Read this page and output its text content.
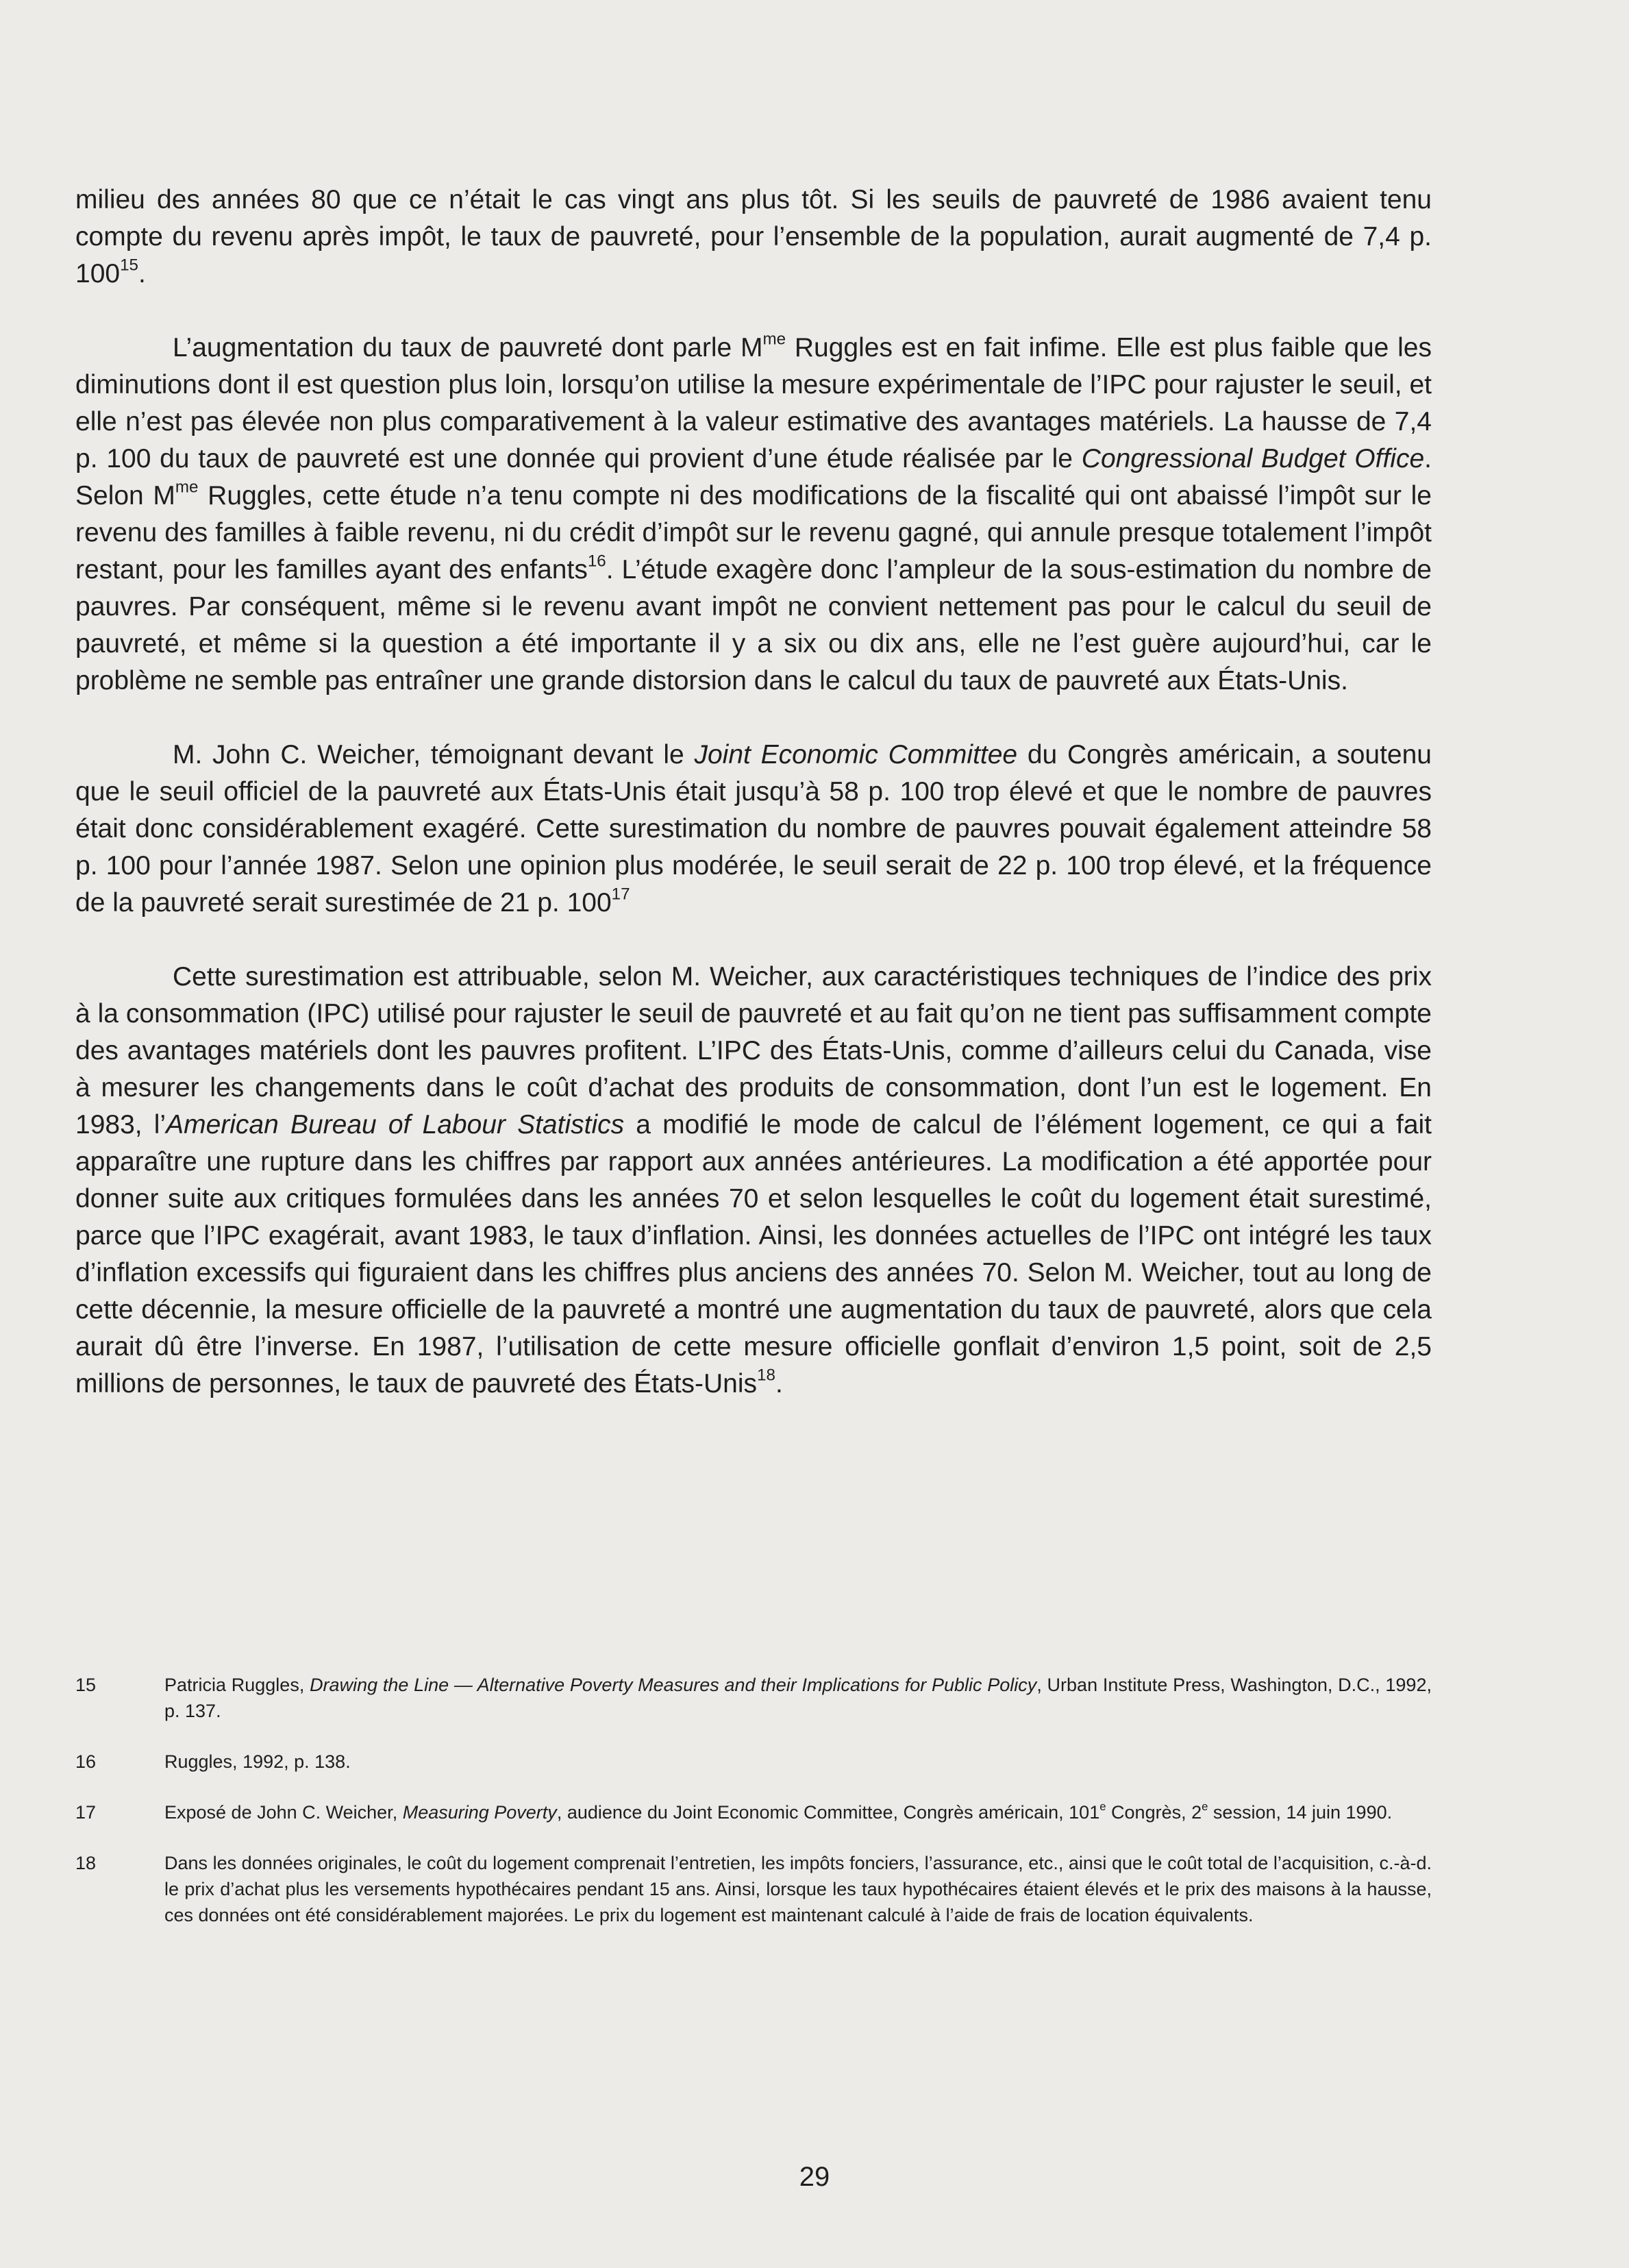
milieu des années 80 que ce n’était le cas vingt ans plus tôt. Si les seuils de pauvreté de 1986 avaient tenu compte du revenu après impôt, le taux de pauvreté, pour l’ensemble de la population, aurait augmenté de 7,4 p. $100^{15}$.

L’augmentation du taux de pauvreté dont parle $M^{me}$ Ruggles est en fait infime. Elle est plus faible que les diminutions dont il est question plus loin, lorsqu’on utilise la mesure expérimentale de l’IPC pour rajuster le seuil, et elle n’est pas élevée non plus comparativement à la valeur estimative des avantages matériels. La hausse de 7,4 p. 100 du taux de pauvreté est une donnée qui provient d’une étude réalisée par le Congressional Budget Office. Selon $M^{me}$ Ruggles, cette étude n’a tenu compte ni des modifications de la fiscalité qui ont abaissé l’impôt sur le revenu des familles à faible revenu, ni du crédit d’impôt sur le revenu gagné, qui annule presque totalement l’impôt restant, pour les familles ayant des enfants$^{16}$. L’étude exagère donc l’ampleur de la sous-estimation du nombre de pauvres. Par conséquent, même si le revenu avant impôt ne convient nettement pas pour le calcul du seuil de pauvreté, et même si la question a été importante il y a six ou dix ans, elle ne l’est guère aujourd’hui, car le problème ne semble pas entraîner une grande distorsion dans le calcul du taux de pauvreté aux États-Unis.

M. John C. Weicher, témoignant devant le Joint Economic Committee du Congrès américain, a soutenu que le seuil officiel de la pauvreté aux États-Unis était jusqu’à 58 p. 100 trop élevé et que le nombre de pauvres était donc considérablement exagéré. Cette surestimation du nombre de pauvres pouvait également atteindre 58 p. 100 pour l’année 1987. Selon une opinion plus modérée, le seuil serait de 22 p. 100 trop élevé, et la fréquence de la pauvreté serait surestimée de 21 p. $100^{17}$

Cette surestimation est attribuable, selon M. Weicher, aux caractéristiques techniques de l’indice des prix à la consommation (IPC) utilisé pour rajuster le seuil de pauvreté et au fait qu’on ne tient pas suffisamment compte des avantages matériels dont les pauvres profitent. L’IPC des États-Unis, comme d’ailleurs celui du Canada, vise à mesurer les changements dans le coût d’achat des produits de consommation, dont l’un est le logement. En 1983, l’American Bureau of Labour Statistics a modifié le mode de calcul de l’élément logement, ce qui a fait apparaître une rupture dans les chiffres par rapport aux années antérieures. La modification a été apportée pour donner suite aux critiques formulées dans les années 70 et selon lesquelles le coût du logement était surestimé, parce que l’IPC exagérait, avant 1983, le taux d’inflation. Ainsi, les données actuelles de l’IPC ont intégré les taux d’inflation excessifs qui figuraient dans les chiffres plus anciens des années 70. Selon M. Weicher, tout au long de cette décennie, la mesure officielle de la pauvreté a montré une augmentation du taux de pauvreté, alors que cela aurait dû être l’inverse. En 1987, l’utilisation de cette mesure officielle gonflait d’environ 1,5 point, soit de 2,5 millions de personnes, le taux de pauvreté des États-Unis$^{18}$.

15	Patricia Ruggles, Drawing the Line — Alternative Poverty Measures and their Implications for Public Policy, Urban Institute Press, Washington, D.C., 1992, p. 137.
16	Ruggles, 1992, p. 138.
17	Exposé de John C. Weicher, Measuring Poverty, audience du Joint Economic Committee, Congrès américain, 101e Congrès, 2e session, 14 juin 1990.
18	Dans les données originales, le coût du logement comprenait l’entretien, les impôts fonciers, l’assurance, etc., ainsi que le coût total de l’acquisition, c.-à-d. le prix d’achat plus les versements hypothécaires pendant 15 ans. Ainsi, lorsque les taux hypothécaires étaient élevés et le prix des maisons à la hausse, ces données ont été considérablement majorées. Le prix du logement est maintenant calculé à l’aide de frais de location équivalents.
29
